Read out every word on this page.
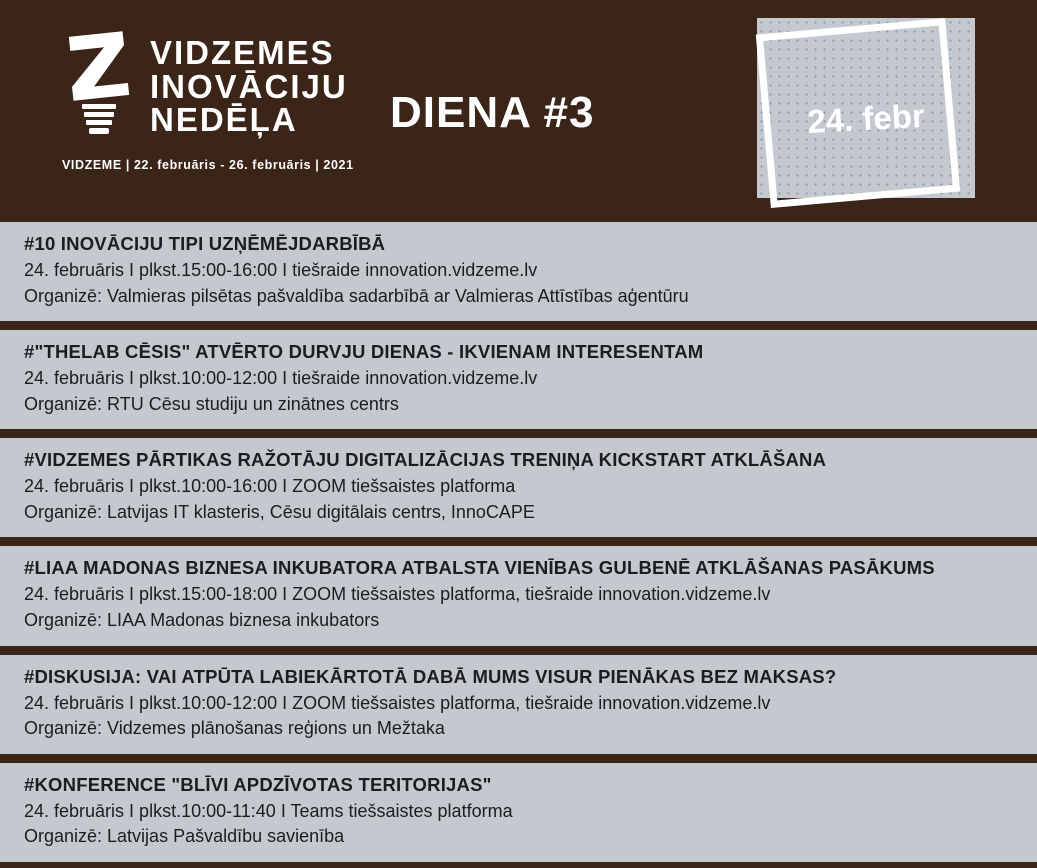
VIDZEMES
INOVĀCIJU
NEDĒĻA
VIDZEME | 22. februāris - 26. februāris | 2021
DIENA #3	24. febr
#10 INOVĀCIJU TIPI UZŅĒMĒJDARBĪBĀ
24. februāris I plkst.15:00-16:00 I tiešraide innovation.vidzeme.lv
Organizē: Valmieras pilsētas pašvaldība sadarbībā ar Valmieras Attīstības aģentūru
#"THELAB CĒSIS" ATVĒRTO DURVJU DIENAS - IKVIENAM INTERESENTAM
24. februāris I plkst.10:00-12:00 I tiešraide innovation.vidzeme.lv
Organizē: RTU Cēsu studiju un zinātnes centrs
#VIDZEMES PĀRTIKAS RAŽOTĀJU DIGITALIZĀCIJAS TRENIŅA KICKSTART ATKLĀŠANA
24. februāris I plkst.10:00-16:00 I ZOOM tiešsaistes platforma
Organizē: Latvijas IT klasteris, Cēsu digitālais centrs, InnoCAPE
#LIAA MADONAS BIZNESA INKUBATORA ATBALSTA VIENĪBAS GULBENĒ ATKLĀŠANAS PASĀKUMS
24. februāris I plkst.15:00-18:00 I ZOOM tiešsaistes platforma, tiešraide innovation.vidzeme.lv
Organizē: LIAA Madonas biznesa inkubators
#DISKUSIJA: VAI ATPŪTA LABIEKĀRTOTĀ DABĀ MUMS VISUR PIENĀKAS BEZ MAKSAS?
24. februāris I plkst.10:00-12:00 I ZOOM tiešsaistes platforma, tiešraide innovation.vidzeme.lv
Organizē: Vidzemes plānošanas reģions un Mežtaka
#KONFERENCE "BLĪVI APDZĪVOTAS TERITORIJAS"
24. februāris I plkst.10:00-11:40 I Teams tiešsaistes platforma
Organizē: Latvijas Pašvaldību savienība
